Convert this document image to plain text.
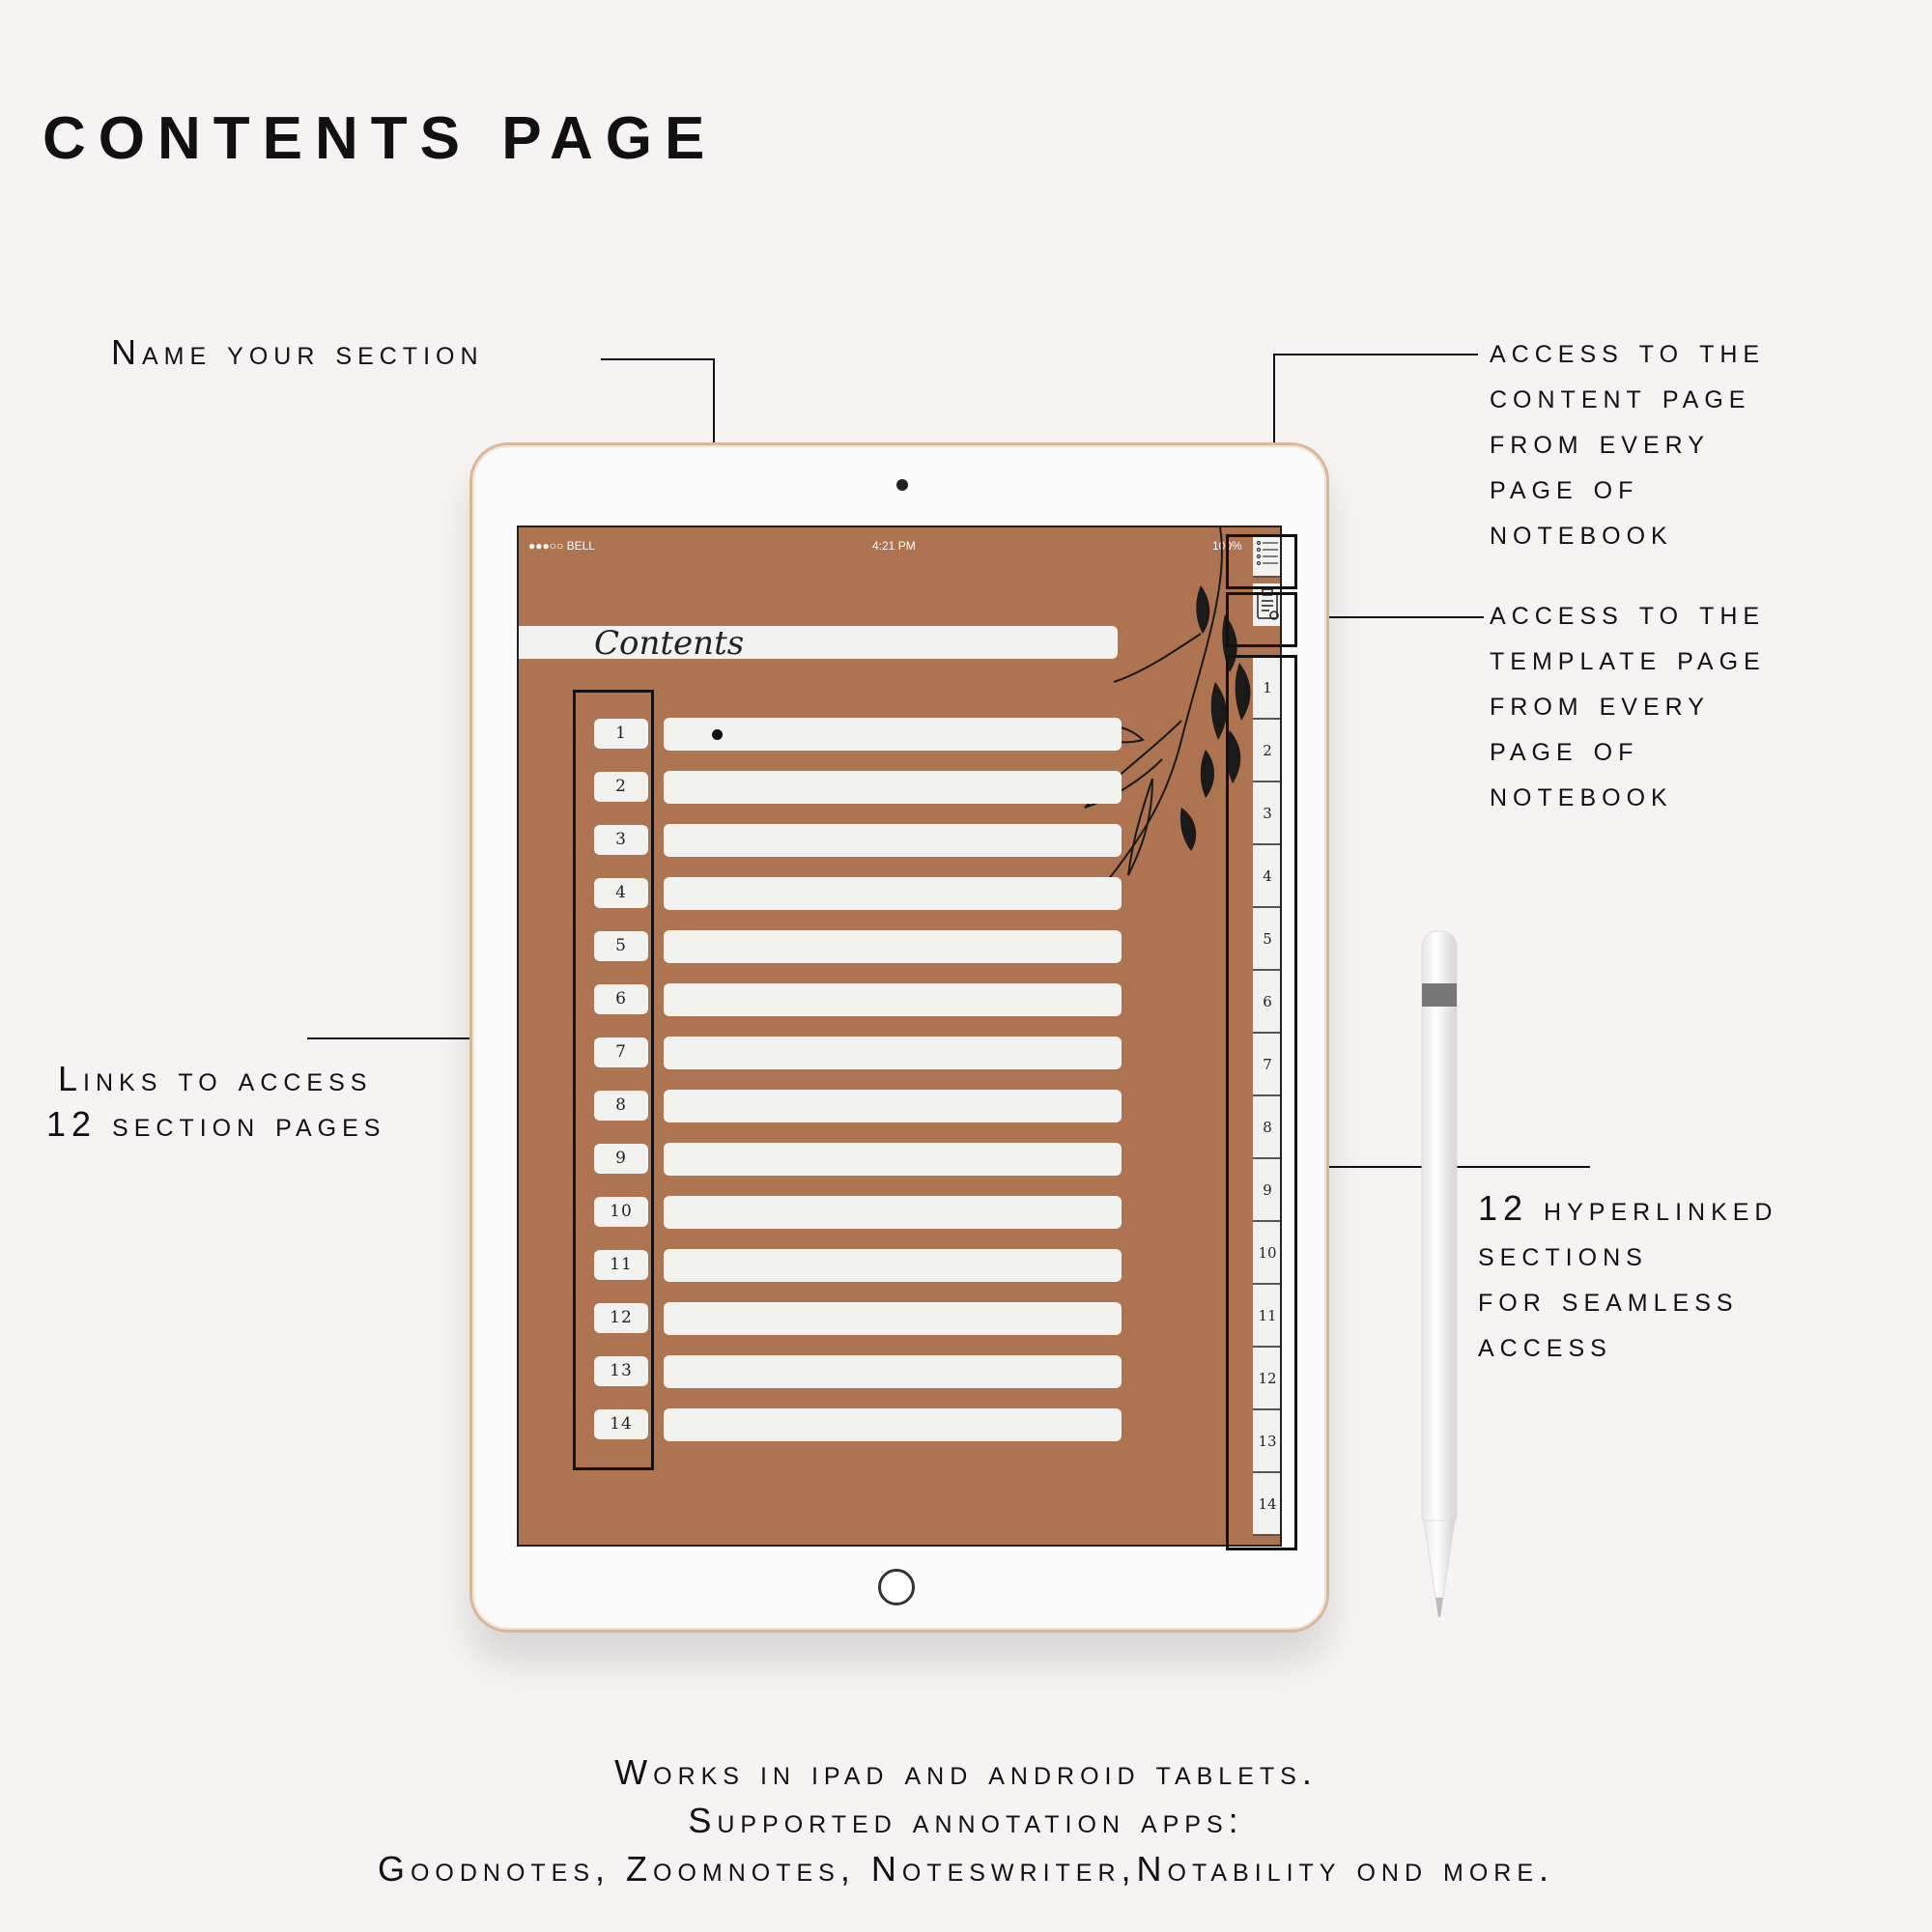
CONTENTS PAGE
Name your section
Links to access
12 section pages
access to the
content page
from every
page of
notebook
access to the
template page
from every
page of
notebook
12 hyperlinked
sections
for seamless
access
●●●○○ BELL	4:21 PM	100%
Contents
1
2
3
4
5
6
7
8
9
10
11
12
13
14
1
2
3
4
5
6
7
8
9
10
11
12
13
14
Works in ipad and android tablets.
Supported annotation apps:
Goodnotes, Zoomnotes, Noteswriter,Notability ond more.
